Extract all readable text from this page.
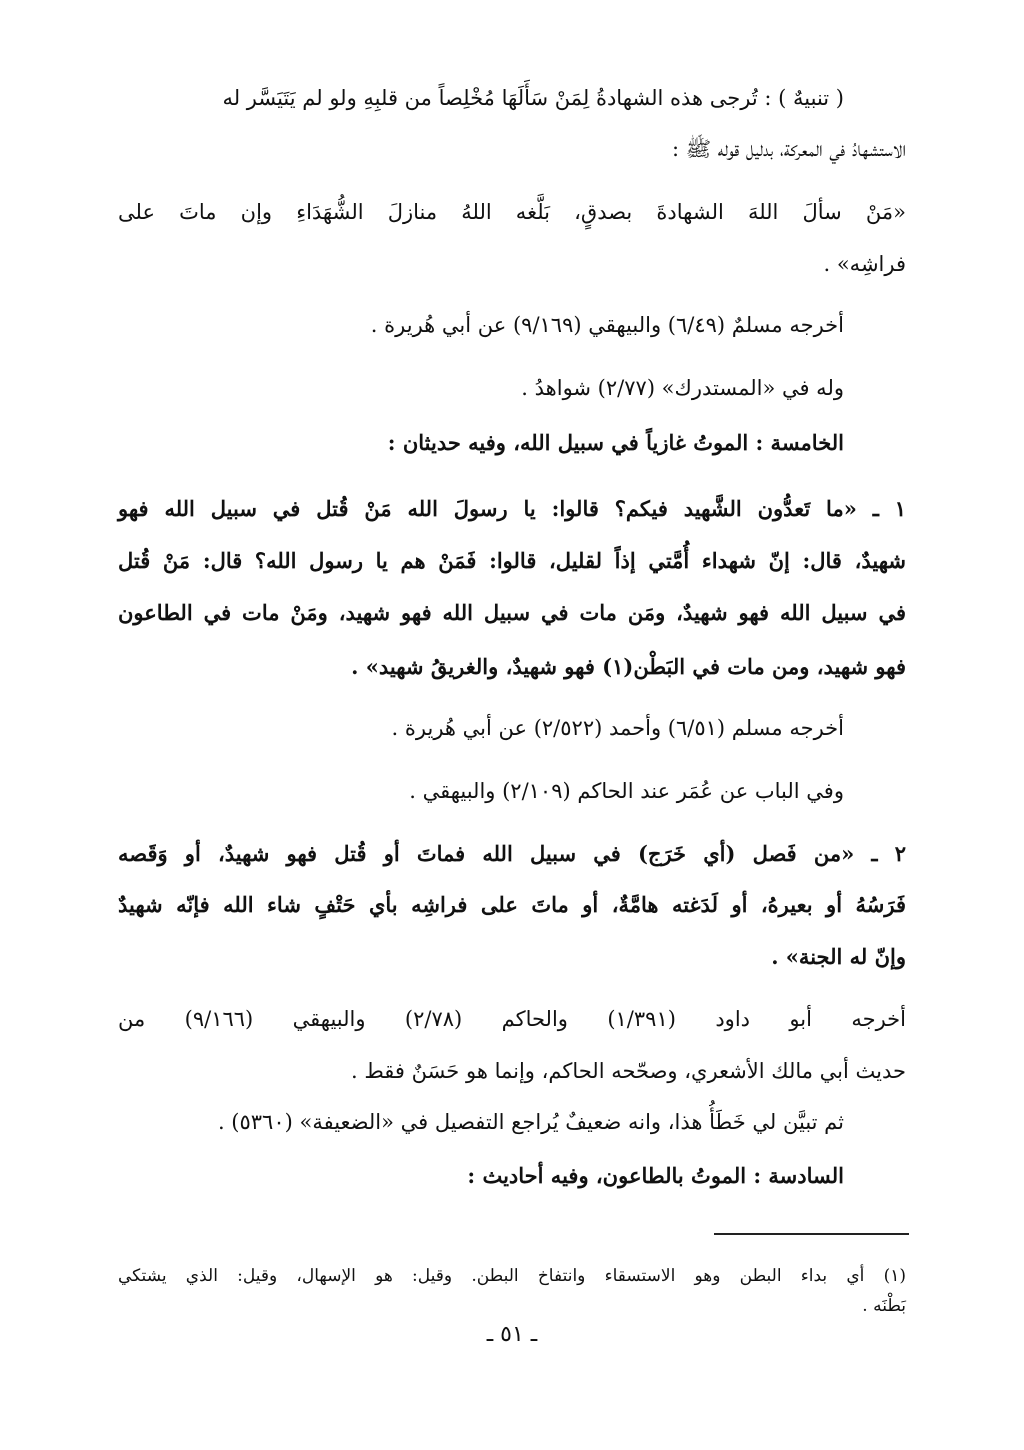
( تنبيهٌ ) : تُرجى هذه الشهادةُ لِمَنْ سَأَلَهَا مُخْلِصاً من قلبِهِ ولو لم يَتَيَسَّر له

الاستشهادُ في المعركة، بدليل قوله ﷺ :

«مَنْ سألَ اللهَ الشهادةَ بصدقٍ، بَلَّغه اللهُ منازلَ الشُّهَدَاءِ وإن ماتَ على

فراشِه» .

أخرجه مسلمٌ (٦/٤٩) والبيهقي (٩/١٦٩) عن أبي هُريرة .

وله في «المستدرك» (٢/٧٧) شواهدُ .

الخامسة : الموتُ غازياً في سبيل الله، وفيه حديثان :

١ ـ «ما تَعدُّون الشَّهيد فيكم؟ قالوا: يا رسولَ الله مَنْ قُتل في سبيل الله فهو

شهيدٌ، قال: إنّ شهداء أُمَّتي إذاً لقليل، قالوا: فَمَنْ هم يا رسول الله؟ قال: مَنْ قُتل

في سبيل الله فهو شهيدٌ، ومَن مات في سبيل الله فهو شهيد، ومَنْ مات في الطاعون

فهو شهيد، ومن مات في البَطْن(١) فهو شهيدٌ، والغريقُ شهيد» .

أخرجه مسلم (٦/٥١) وأحمد (٢/٥٢٢) عن أبي هُريرة .

وفي الباب عن عُمَر عند الحاكم (٢/١٠٩) والبيهقي .

٢ ـ «من فَصل (أي خَرَج) في سبيل الله فماتَ أو قُتل فهو شهيدٌ، أو وَقَصه

فَرَسُهُ أو بعيرهُ، أو لَدَغته هامَّةٌ، أو ماتَ على فراشِه بأي حَتْفٍ شاء الله فإنّه شهيدٌ

وإنّ له الجنة» .

أخرجه أبو داود (١/٣٩١) والحاكم (٢/٧٨) والبيهقي (٩/١٦٦) من

حديث أبي مالك الأشعري، وصحّحه الحاكم، وإنما هو حَسَنٌ فقط .

ثم تبيَّن لي خَطَأُ هذا، وانه ضعيفٌ يُراجع التفصيل في «الضعيفة» (٥٣٦٠) .

السادسة : الموتُ بالطاعون، وفيه أحاديث :

(١) أي بداء البطن وهو الاستسقاء وانتفاخ البطن. وقيل: هو الإسهال، وقيل: الذي يشتكي

بَطْنَه .

ـ ٥١ ـ
